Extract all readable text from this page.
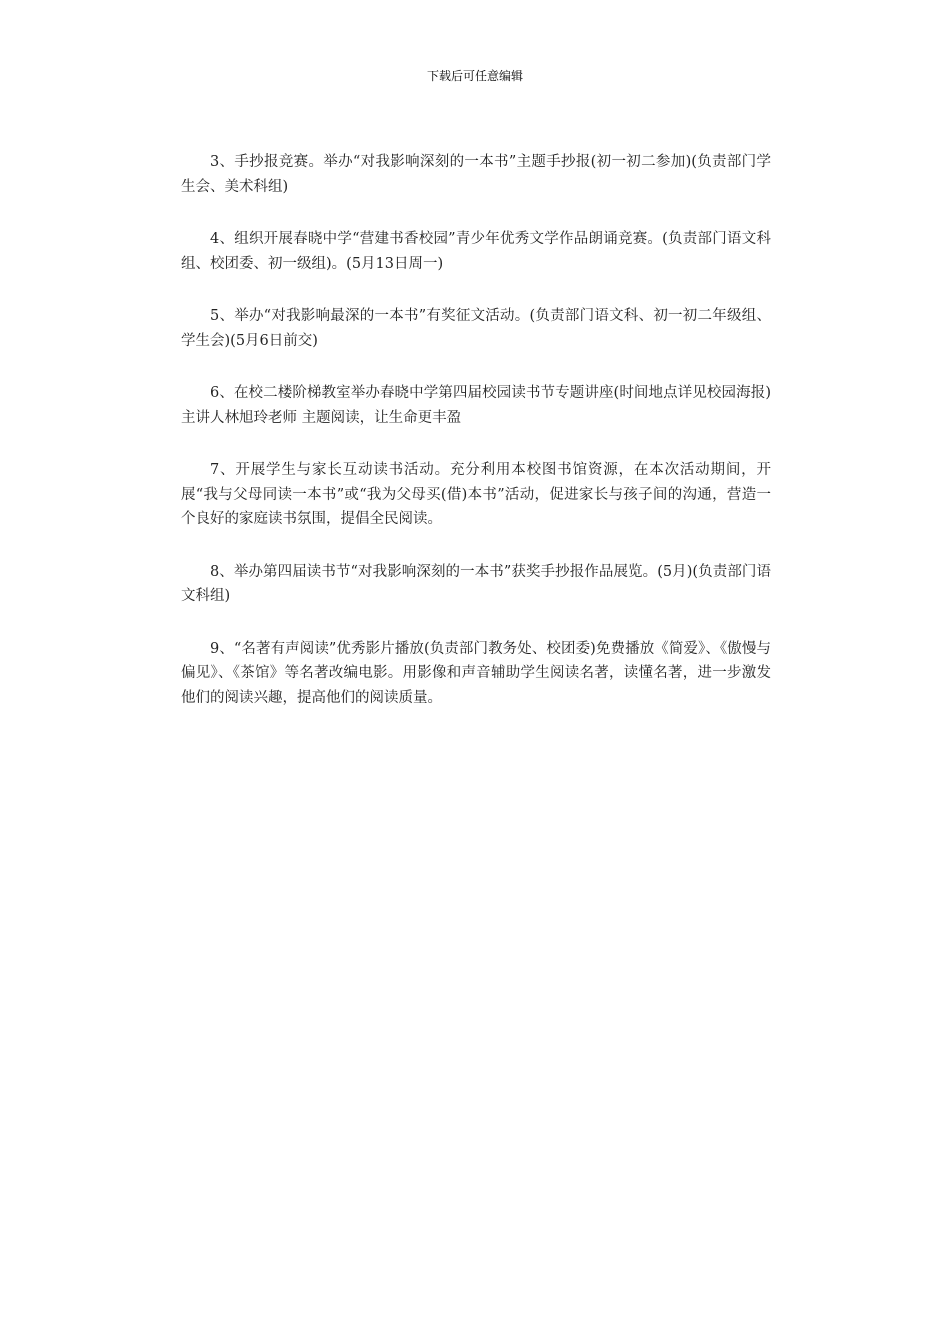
下载后可任意编辑

3、手抄报竞赛。举办“对我影响深刻的一本书”主题手抄报(初一初二参加)(负责部门学生会、美术科组)

4、组织开展春晓中学“营建书香校园”青少年优秀文学作品朗诵竞赛。(负责部门语文科组、校团委、初一级组)。(5月13日周一)

5、举办“对我影响最深的一本书”有奖征文活动。(负责部门语文科、初一初二年级组、学生会)(5月6日前交)

6、在校二楼阶梯教室举办春晓中学第四届校园读书节专题讲座(时间地点详见校园海报)主讲人林旭玲老师 主题阅读，让生命更丰盈

7、开展学生与家长互动读书活动。充分利用本校图书馆资源，在本次活动期间，开展“我与父母同读一本书”或“我为父母买(借)本书”活动，促进家长与孩子间的沟通，营造一个良好的家庭读书氛围，提倡全民阅读。

8、举办第四届读书节“对我影响深刻的一本书”获奖手抄报作品展览。(5月)(负责部门语文科组)

9、“名著有声阅读”优秀影片播放(负责部门教务处、校团委)免费播放《简爱》、《傲慢与偏见》、《茶馆》等名著改编电影。用影像和声音辅助学生阅读名著，读懂名著，进一步激发他们的阅读兴趣，提高他们的阅读质量。
